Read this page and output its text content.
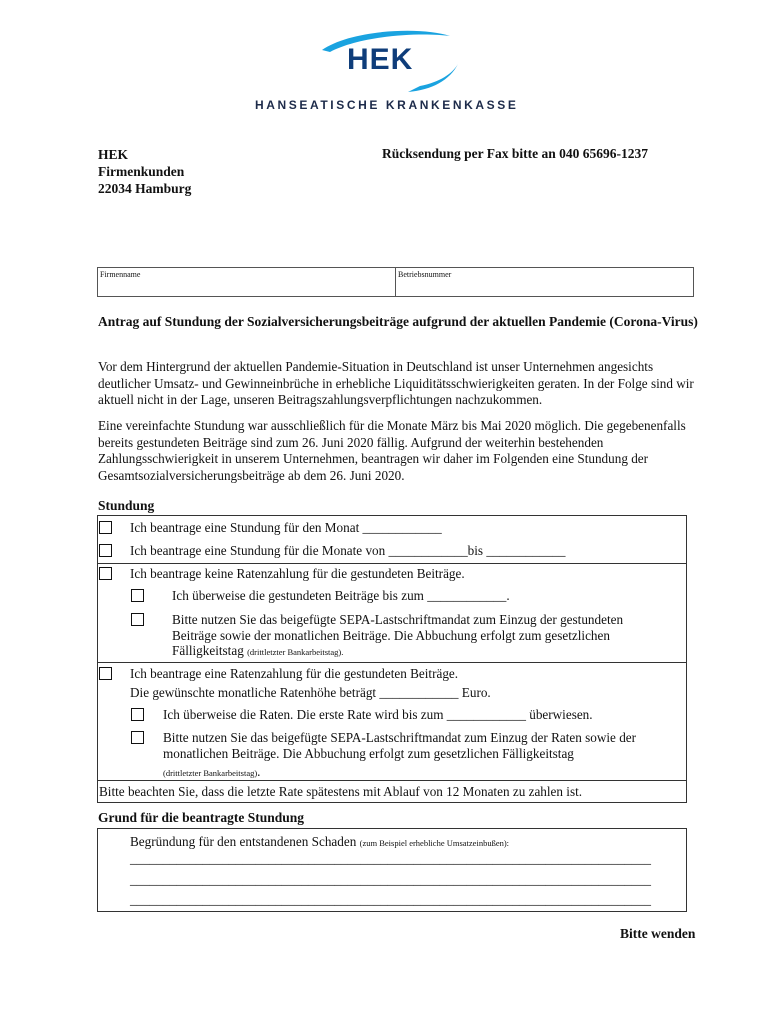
HEK
HANSEATISCHE KRANKENKASSE
HEK
Firmenkunden
22034 Hamburg
Rücksendung per Fax bitte an 040 65696-1237
Firmenname	Betriebsnummer
Antrag auf Stundung der Sozialversicherungsbeiträge aufgrund der aktuellen Pandemie (Corona-Virus)
Vor dem Hintergrund der aktuellen Pandemie-Situation in Deutschland ist unser Unternehmen angesichts deutlicher Umsatz- und Gewinneinbrüche in erhebliche Liquiditätsschwierigkeiten geraten. In der Folge sind wir aktuell nicht in der Lage, unseren Beitragszahlungsverpflichtungen nachzukommen.
Eine vereinfachte Stundung war ausschließlich für die Monate März bis Mai 2020 möglich. Die gegebenenfalls bereits gestundeten Beiträge sind zum 26. Juni 2020 fällig. Aufgrund der weiterhin bestehenden Zahlungsschwierigkeit in unserem Unternehmen, beantragen wir daher im Folgenden eine Stundung der Gesamtsozialversicherungsbeiträge ab dem 26. Juni 2020.
Stundung
Ich beantrage eine Stundung für den Monat ____________
Ich beantrage eine Stundung für die Monate von ____________bis ____________
Ich beantrage keine Ratenzahlung für die gestundeten Beiträge.
Ich überweise die gestundeten Beiträge bis zum ____________.
Bitte nutzen Sie das beigefügte SEPA-Lastschriftmandat zum Einzug der gestundeten
Beiträge sowie der monatlichen Beiträge. Die Abbuchung erfolgt zum gesetzlichen
Fälligkeitstag (drittletzter Bankarbeitstag).
Ich beantrage eine Ratenzahlung für die gestundeten Beiträge.
Die gewünschte monatliche Ratenhöhe beträgt ____________ Euro.
Ich überweise die Raten. Die erste Rate wird bis zum ____________ überwiesen.
Bitte nutzen Sie das beigefügte SEPA-Lastschriftmandat zum Einzug der Raten sowie der
monatlichen Beiträge. Die Abbuchung erfolgt zum gesetzlichen Fälligkeitstag
(drittletzter Bankarbeitstag).
Bitte beachten Sie, dass die letzte Rate spätestens mit Ablauf von 12 Monaten zu zahlen ist.
Grund für die beantragte Stundung
Begründung für den entstandenen Schaden (zum Beispiel erhebliche Umsatzeinbußen):
_______________________________________________________________________________
_______________________________________________________________________________
_______________________________________________________________________________
Bitte wenden
